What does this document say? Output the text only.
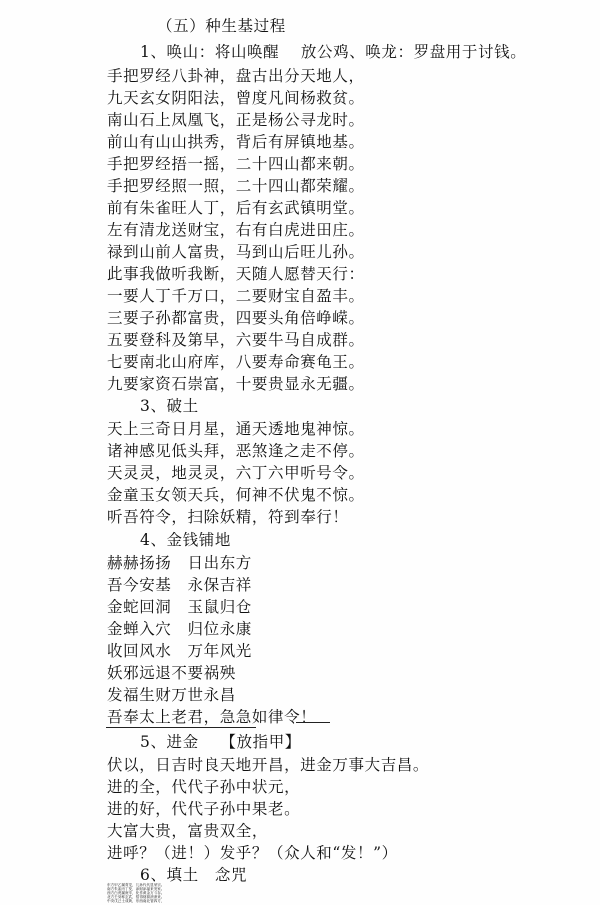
（五）种生基过程
1、唤山：将山唤醒　 放公鸡、唤龙：罗盘用于讨钱。
手把罗经八卦神，盘古出分天地人，
九天玄女阴阳法，曾度凡间杨救贫。
南山石上凤凰飞，正是杨公寻龙时。
前山有山山拱秀，背后有屏镇地基。
手把罗经捂一摇，二十四山都来朝。
手把罗经照一照，二十四山都荣耀。
前有朱雀旺人丁，后有玄武镇明堂。
左有清龙送财宝，右有白虎进田庄。
禄到山前人富贵，马到山后旺儿孙。
此事我做听我断，天随人愿替天行：
一要人丁千万口，二要财宝自盈丰。
三要子孙都富贵，四要头角倍峥嵘。
五要登科及第早，六要牛马自成群。
七要南北山府库，八要寿命赛龟王。
九要家资石崇富，十要贵显永无疆。
3、破土
天上三奇日月星，通天透地鬼神惊。
诸神感见低头拜，恶煞逢之走不停。
天灵灵，地灵灵，六丁六甲听号令。
金童玉女领天兵，何神不伏鬼不惊。
听吾符令，扫除妖精，符到奉行！
4、金钱铺地
赫赫扬扬　日出东方
吾今安基　永保吉祥
金蛇回洞　玉鼠归仓
金蝉入穴　归位永康
收回风水　万年风光
妖邪远退不要祸殃
发福生财万世永昌
吾奉太上老君，急急如律令！
5、进金　 【放指甲】
伏以，日吉时良天地开昌，进金万事大吉昌。
进的全，代代子孙中状元，
进的好，代代子孙中果老。
大富大贵，富贵双全，
进呼？（进！）发乎？（众人和“发！”）
6、填土　念咒
东方甲乙属青龙，儿孙代代显荣宗。
南方朱雀丙丁发，添财添福来发家。
西方白虎属庚辛，化作黄金万斗存。
北方壬癸称玄武，招得财源滚滚来。
中央戊己土成黄，东西南北管四方，
